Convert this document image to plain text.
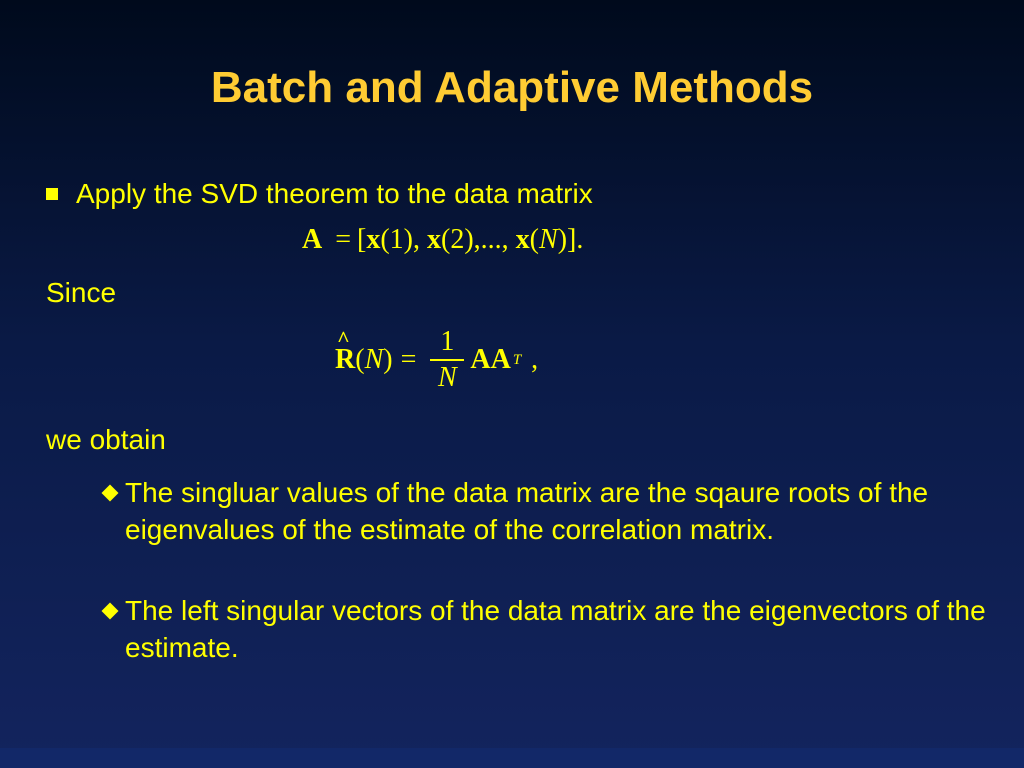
Batch and Adaptive Methods
Apply the SVD theorem to the data matrix
A = [x(1), x(2),..., x(N)].
Since
R
^
( N ) = $\frac{1}{N}$ AA T ,
we obtain
The singluar values of the data matrix are the sqaure roots of the eigenvalues of the estimate of the correlation matrix.
The left singular vectors of the data matrix are the eigenvectors of the estimate.
